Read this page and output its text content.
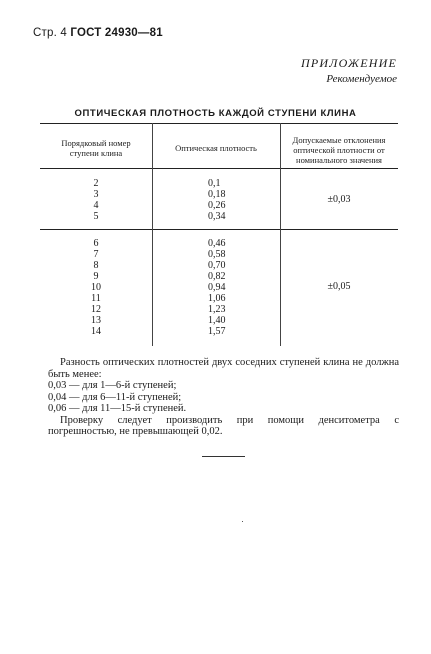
Стр. 4 ГОСТ 24930—81
ПРИЛОЖЕНИЕ
Рекомендуемое
ОПТИЧЕСКАЯ ПЛОТНОСТЬ КАЖДОЙ СТУПЕНИ КЛИНА
Порядковый номер
ступени клина	Оптическая плотность
Допускаемые отклонения
оптической плотности от
номинального значения
2
3
4
5
0,1
0,18
0,26
0,34
±0,03
6
7
8
9
10
11
12
13
14
0,46
0,58
0,70
0,82
0,94
1,06
1,23
1,40
1,57
±0,05

Разность оптических плотностей двух соседних ступеней клина не должна быть менее:

0,03 — для 1—6-й ступеней;

0,04 — для 6—11-й ступеней;

0,06 — для 11—15-й ступеней.

Проверку следует производить при помощи денситометра с погрешностью, не превышающей 0,02.
